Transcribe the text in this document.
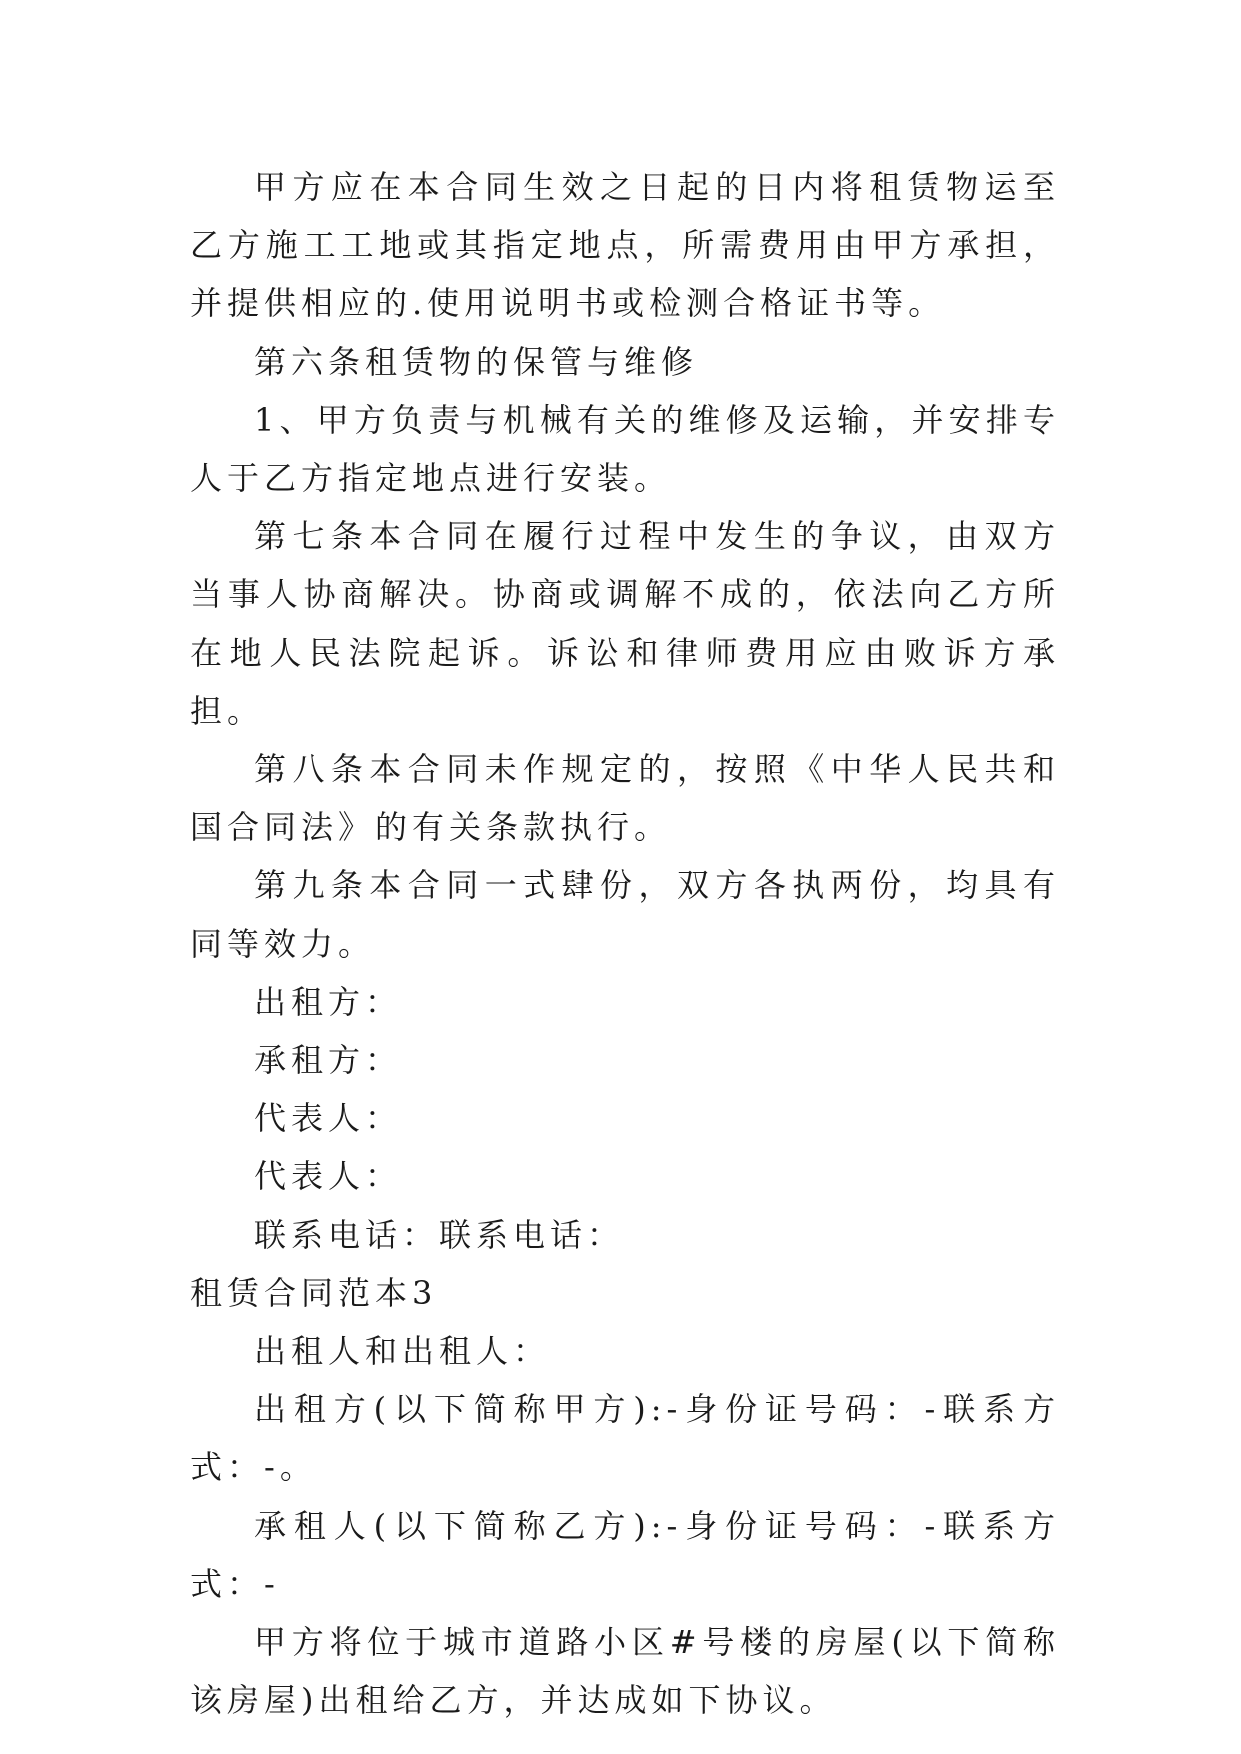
甲方应在本合同生效之日起的日内将租赁物运至乙方施工工地或其指定地点，所需费用由甲方承担，并提供相应的.使用说明书或检测合格证书等。

第六条租赁物的保管与维修

1、甲方负责与机械有关的维修及运输，并安排专人于乙方指定地点进行安装。

第七条本合同在履行过程中发生的争议，由双方当事人协商解决。协商或调解不成的，依法向乙方所在地人民法院起诉。诉讼和律师费用应由败诉方承担。

第八条本合同未作规定的，按照《中华人民共和国合同法》的有关条款执行。

第九条本合同一式肆份，双方各执两份，均具有同等效力。

出租方：

承租方：

代表人：

代表人：

联系电话：联系电话：

租赁合同范本3

出租人和出租人：

出租方(以下简称甲方):-身份证号码：-联系方式：-。

承租人(以下简称乙方):-身份证号码：-联系方式：-

甲方将位于城市道路小区#号楼的房屋(以下简称该房屋)出租给乙方，并达成如下协议。
